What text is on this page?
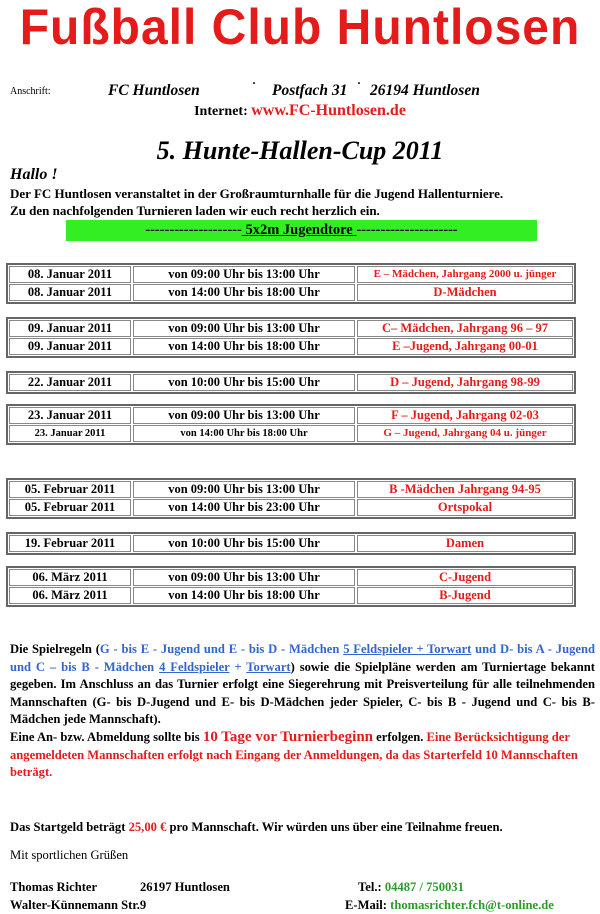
Fußball Club Huntlosen
Anschrift:	FC Huntlosen	· Postfach 31 · 26194 Huntlosen
Internet: www.FC-Huntlosen.de
5. Hunte-Hallen-Cup 2011
Hallo !
Der FC Huntlosen veranstaltet in der Großraumturnhalle für die Jugend Hallenturniere.
Zu den nachfolgenden Turnieren laden wir euch recht herzlich ein.
-------------------- 5x2m Jugendtore ---------------------
08. Januar 2011	von 09:00 Uhr bis 13:00 Uhr	E – Mädchen, Jahrgang 2000 u. jünger
08. Januar 2011	von 14:00 Uhr bis 18:00 Uhr	D-Mädchen
09. Januar 2011	von 09:00 Uhr bis 13:00 Uhr	C– Mädchen, Jahrgang 96 – 97
09. Januar 2011	von 14:00 Uhr bis 18:00 Uhr	E –Jugend, Jahrgang 00-01
22. Januar 2011	von 10:00 Uhr bis 15:00 Uhr	D – Jugend, Jahrgang 98-99
23. Januar 2011	von 09:00 Uhr bis 13:00 Uhr	F – Jugend, Jahrgang 02-03
23. Januar 2011	von 14:00 Uhr bis 18:00 Uhr	G – Jugend, Jahrgang 04 u. jünger
05. Februar 2011	von 09:00 Uhr bis 13:00 Uhr	B -Mädchen Jahrgang 94-95
05. Februar 2011	von 14:00 Uhr bis 23:00 Uhr	Ortspokal
19. Februar 2011	von 10:00 Uhr bis 15:00 Uhr	Damen
06. März 2011	von 09:00 Uhr bis 13:00 Uhr	C-Jugend
06. März 2011	von 14:00 Uhr bis 18:00 Uhr	B-Jugend
Die Spielregeln (G - bis E - Jugend und E - bis D - Mädchen 5 Feldspieler + Torwart und D- bis A - Jugend und C – bis B - Mädchen 4 Feldspieler + Torwart) sowie die Spielpläne werden am Turniertage bekannt gegeben. Im Anschluss an das Turnier erfolgt eine Siegerehrung mit Preisverteilung für alle teilnehmenden Mannschaften (G- bis D-Jugend und E- bis D-Mädchen jeder Spieler, C- bis B - Jugend und C- bis B- Mädchen jede Mannschaft).
Eine An- bzw. Abmeldung sollte bis 10 Tage vor Turnierbeginn erfolgen. Eine Berücksichtigung der angemeldeten Mannschaften erfolgt nach Eingang der Anmeldungen, da das Starterfeld 10 Mannschaften beträgt.
Das Startgeld beträgt 25,00 € pro Mannschaft. Wir würden uns über eine Teilnahme freuen.
Mit sportlichen Grüßen
Thomas Richter	26197 Huntlosen	Tel.: 04487 / 750031
Walter-Künnemann Str.9	E-Mail: thomasrichter.fch@t-online.de
